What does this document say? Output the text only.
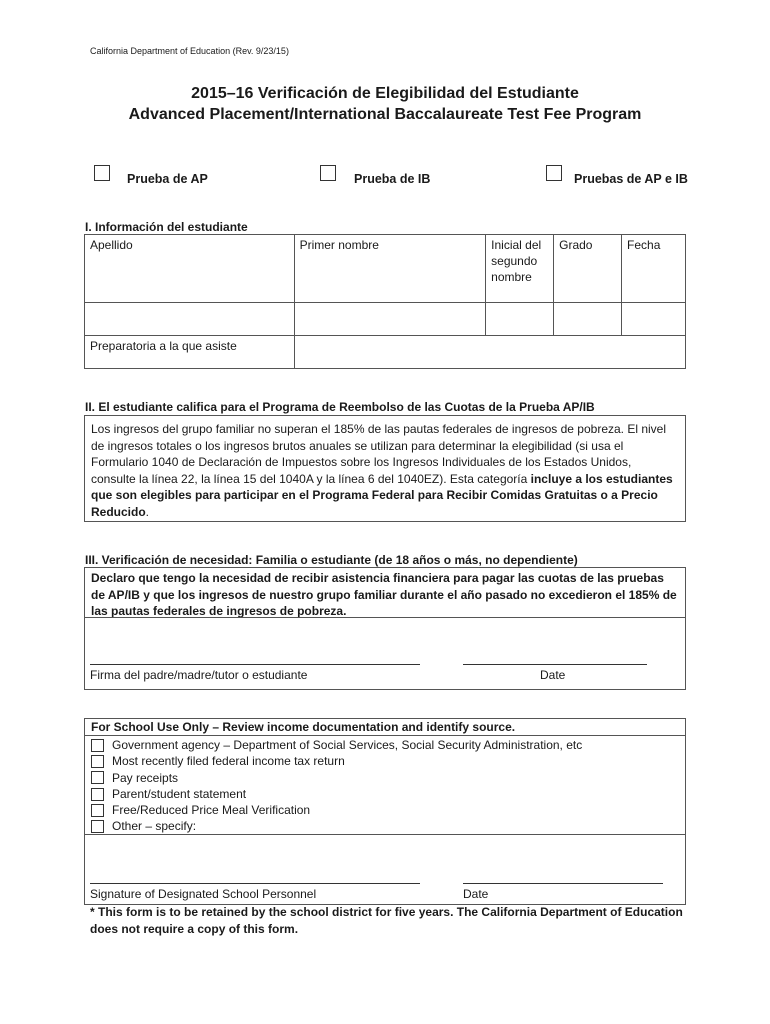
California Department of Education (Rev. 9/23/15)
2015–16 Verificación de Elegibilidad del Estudiante
Advanced Placement/International Baccalaureate Test Fee Program
Prueba de AP	Prueba de IB	Pruebas de AP e IB
I. Información del estudiante
Apellido	Primer nombre	Inicial del segundo nombre	Grado	Fecha

Preparatoria a la que asiste				
II. El estudiante califica para el Programa de Reembolso de las Cuotas de la Prueba AP/IB
Los ingresos del grupo familiar no superan el 185% de las pautas federales de ingresos de pobreza. El nivel de ingresos totales o los ingresos brutos anuales se utilizan para determinar la elegibilidad (si usa el Formulario 1040 de Declaración de Impuestos sobre los Ingresos Individuales de los Estados Unidos, consulte la línea 22, la línea 15 del 1040A y la línea 6 del 1040EZ). Esta categoría incluye a los estudiantes que son elegibles para participar en el Programa Federal para Recibir Comidas Gratuitas o a Precio Reducido.
III. Verificación de necesidad: Familia o estudiante (de 18 años o más, no dependiente)
Declaro que tengo la necesidad de recibir asistencia financiera para pagar las cuotas de las pruebas de AP/IB y que los ingresos de nuestro grupo familiar durante el año pasado no excedieron el 185% de las pautas federales de ingresos de pobreza.
Firma del padre/madre/tutor o estudiante	Date
For School Use Only – Review income documentation and identify source.
Government agency – Department of Social Services, Social Security Administration, etc
Most recently filed federal income tax return
Pay receipts
Parent/student statement
Free/Reduced Price Meal Verification
Other – specify:
Signature of Designated School Personnel	Date
* This form is to be retained by the school district for five years. The California Department of Education does not require a copy of this form.
